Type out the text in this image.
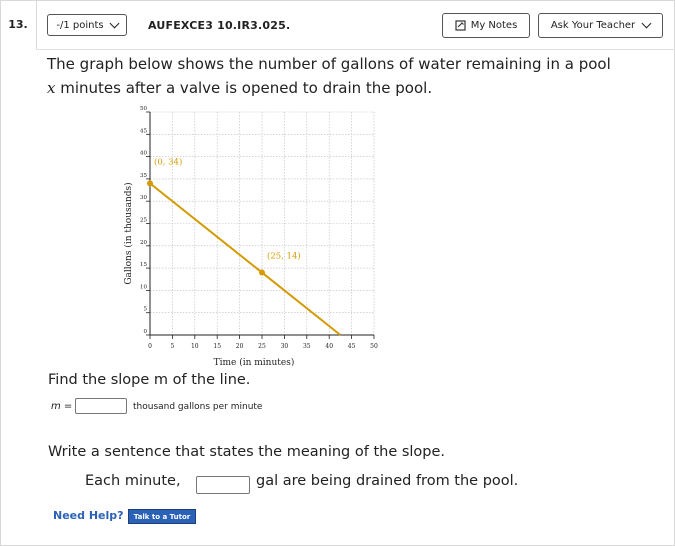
13.	-/1 points	AUFEXCE3 10.IR3.025.	My Notes	Ask Your Teacher
The graph below shows the number of gallons of water remaining in a pool
x minutes after a valve is opened to drain the pool.
0	5	10 15 20 25 30 35 40 45 50
0
5
10
15
20
25
30
35
40
45
50
Time (in minutes)
Gallons (in thousands)
(0, 34)
(25, 14)
Find the slope m of the line.
m =	thousand gallons per minute
Write a sentence that states the meaning of the slope.
Each minute,	gal are being drained from the pool.
Need Help?	Talk to a Tutor
